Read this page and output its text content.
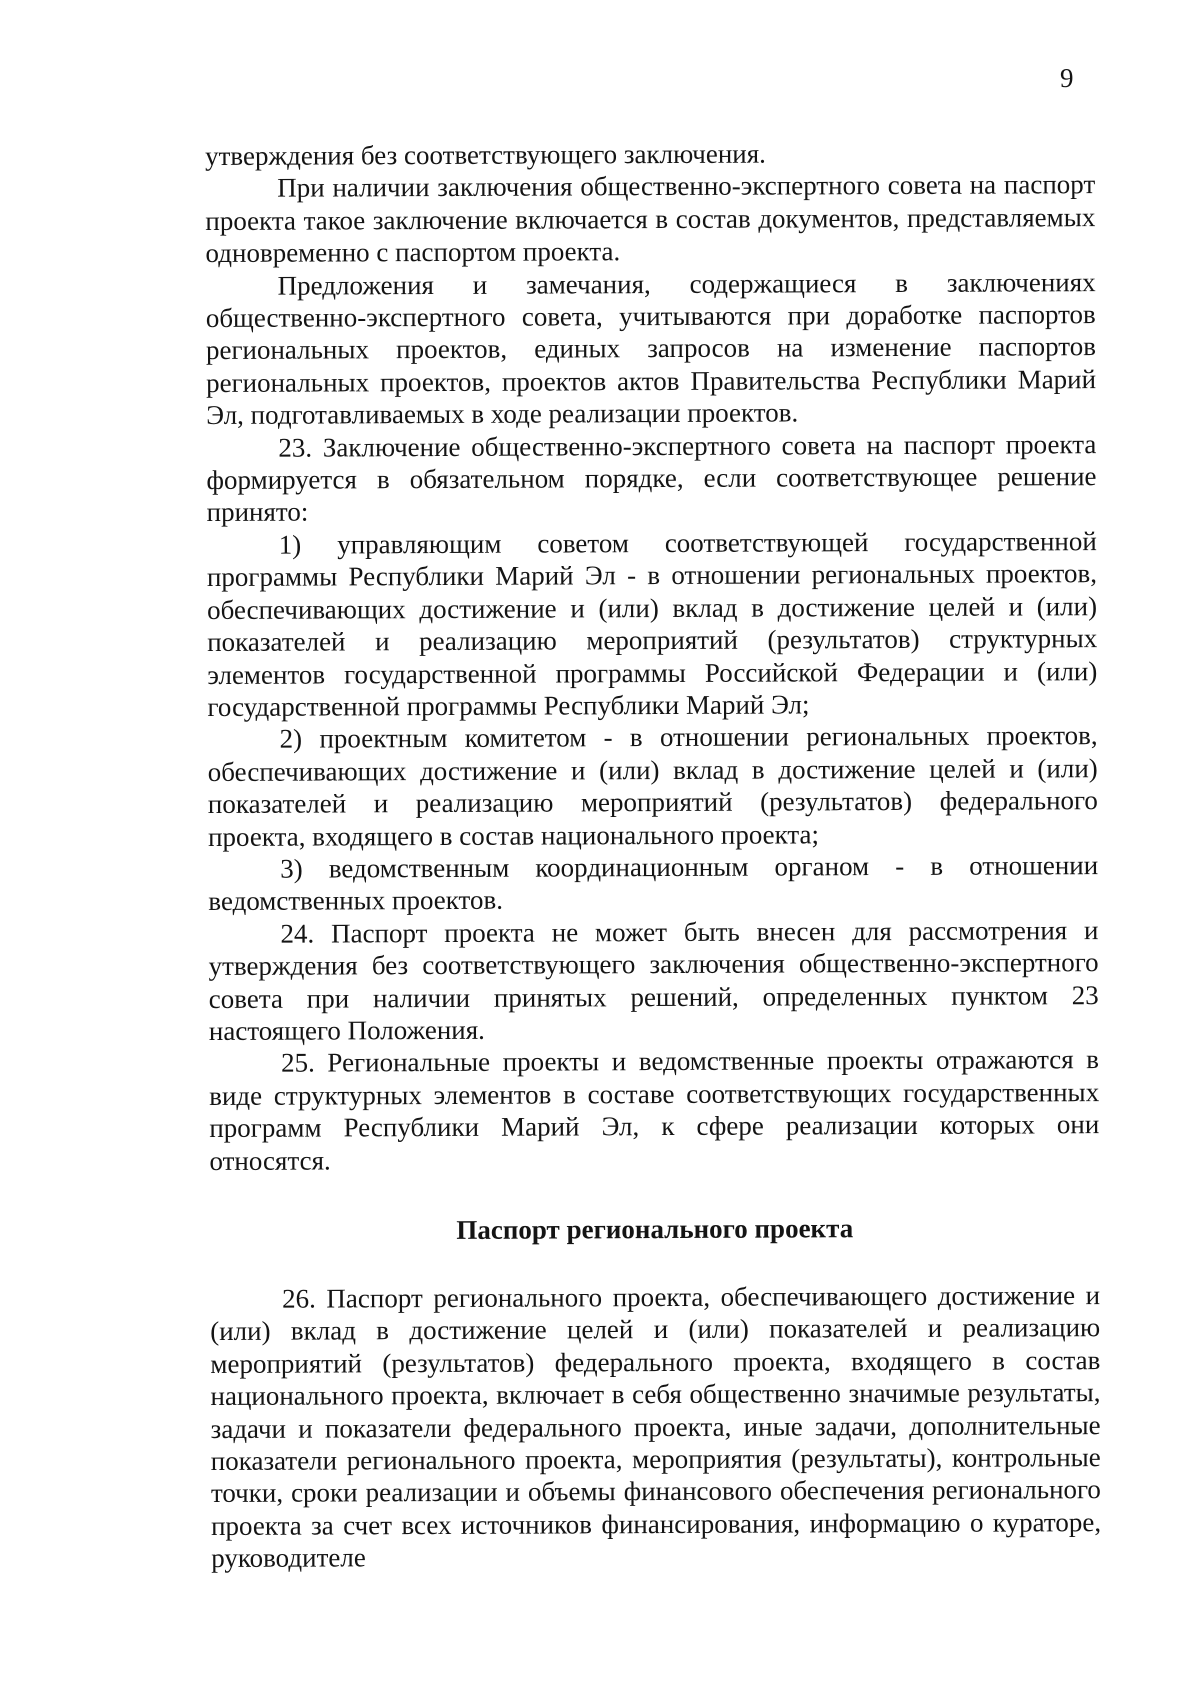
9

утверждения без соответствующего заключения.

При наличии заключения общественно-экспертного совета на паспорт проекта такое заключение включается в состав документов, представляемых одновременно с паспортом проекта.

Предложения и замечания, содержащиеся в заключениях общественно-экспертного совета, учитываются при доработке паспортов региональных проектов, единых запросов на изменение паспортов региональных проектов, проектов актов Правительства Республики Марий Эл, подготавливаемых в ходе реализации проектов.

23. Заключение общественно-экспертного совета на паспорт проекта формируется в обязательном порядке, если соответствующее решение принято:

1) управляющим советом соответствующей государственной программы Республики Марий Эл - в отношении региональных проектов, обеспечивающих достижение и (или) вклад в достижение целей и (или) показателей и реализацию мероприятий (результатов) структурных элементов государственной программы Российской Федерации и (или) государственной программы Республики Марий Эл;

2) проектным комитетом - в отношении региональных проектов, обеспечивающих достижение и (или) вклад в достижение целей и (или) показателей и реализацию мероприятий (результатов) федерального проекта, входящего в состав национального проекта;

3) ведомственным координационным органом - в отношении ведомственных проектов.

24. Паспорт проекта не может быть внесен для рассмотрения и утверждения без соответствующего заключения общественно-экспертного совета при наличии принятых решений, определенных пунктом 23 настоящего Положения.

25. Региональные проекты и ведомственные проекты отражаются в виде структурных элементов в составе соответствующих государственных программ Республики Марий Эл, к сфере реализации которых они относятся.

Паспорт регионального проекта

26. Паспорт регионального проекта, обеспечивающего достижение и (или) вклад в достижение целей и (или) показателей и реализацию мероприятий (результатов) федерального проекта, входящего в состав национального проекта, включает в себя общественно значимые результаты, задачи и показатели федерального проекта, иные задачи, дополнительные показатели регионального проекта, мероприятия (результаты), контрольные точки, сроки реализации и объемы финансового обеспечения регионального проекта за счет всех источников финансирования, информацию о кураторе, руководителе
